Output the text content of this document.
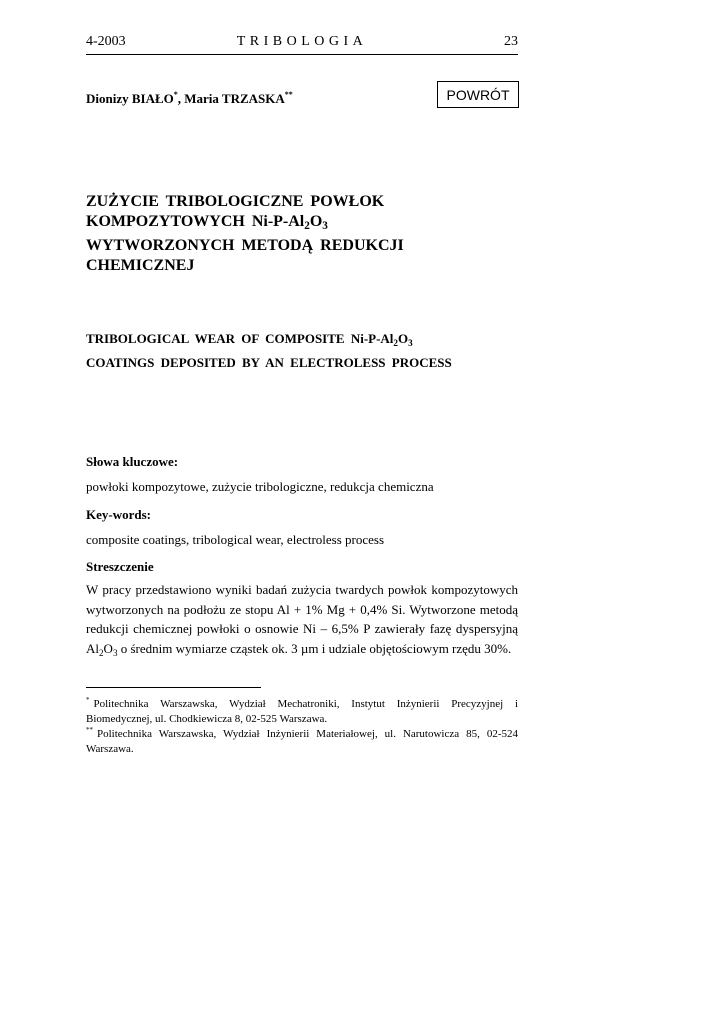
4-2003	TRIBOLOGIA	23
Dionizy BIAŁO*, Maria TRZASKA**	POWRÓT
ZUŻYCIE TRIBOLOGICZNE POWŁOK
KOMPOZYTOWYCH $Ni-P-Al_2O_3$
WYTWORZONYCH METODĄ REDUKCJI
CHEMICZNEJ
TRIBOLOGICAL WEAR OF COMPOSITE $Ni-P-Al_2O_3$
COATINGS DEPOSITED BY AN ELECTROLESS PROCESS
Słowa kluczowe:
powłoki kompozytowe, zużycie tribologiczne, redukcja chemiczna
Key-words:
composite coatings, tribological wear, electroless process
Streszczenie
W pracy przedstawiono wyniki badań zużycia twardych powłok kompozytowych wytworzonych na podłożu ze stopu Al + 1% Mg + 0,4% Si. Wytworzone metodą redukcji chemicznej powłoki o osnowie Ni – 6,5% P zawierały fazę dyspersyjną $Al_2O_3$ o średnim wymiarze cząstek ok. 3 µm i udziale objętościowym rzędu 30%.
* Politechnika Warszawska, Wydział Mechatroniki, Instytut Inżynierii Precyzyjnej i Biomedycznej, ul. Chodkiewicza 8, 02-525 Warszawa.
** Politechnika Warszawska, Wydział Inżynierii Materiałowej, ul. Narutowicza 85, 02-524 Warszawa.
